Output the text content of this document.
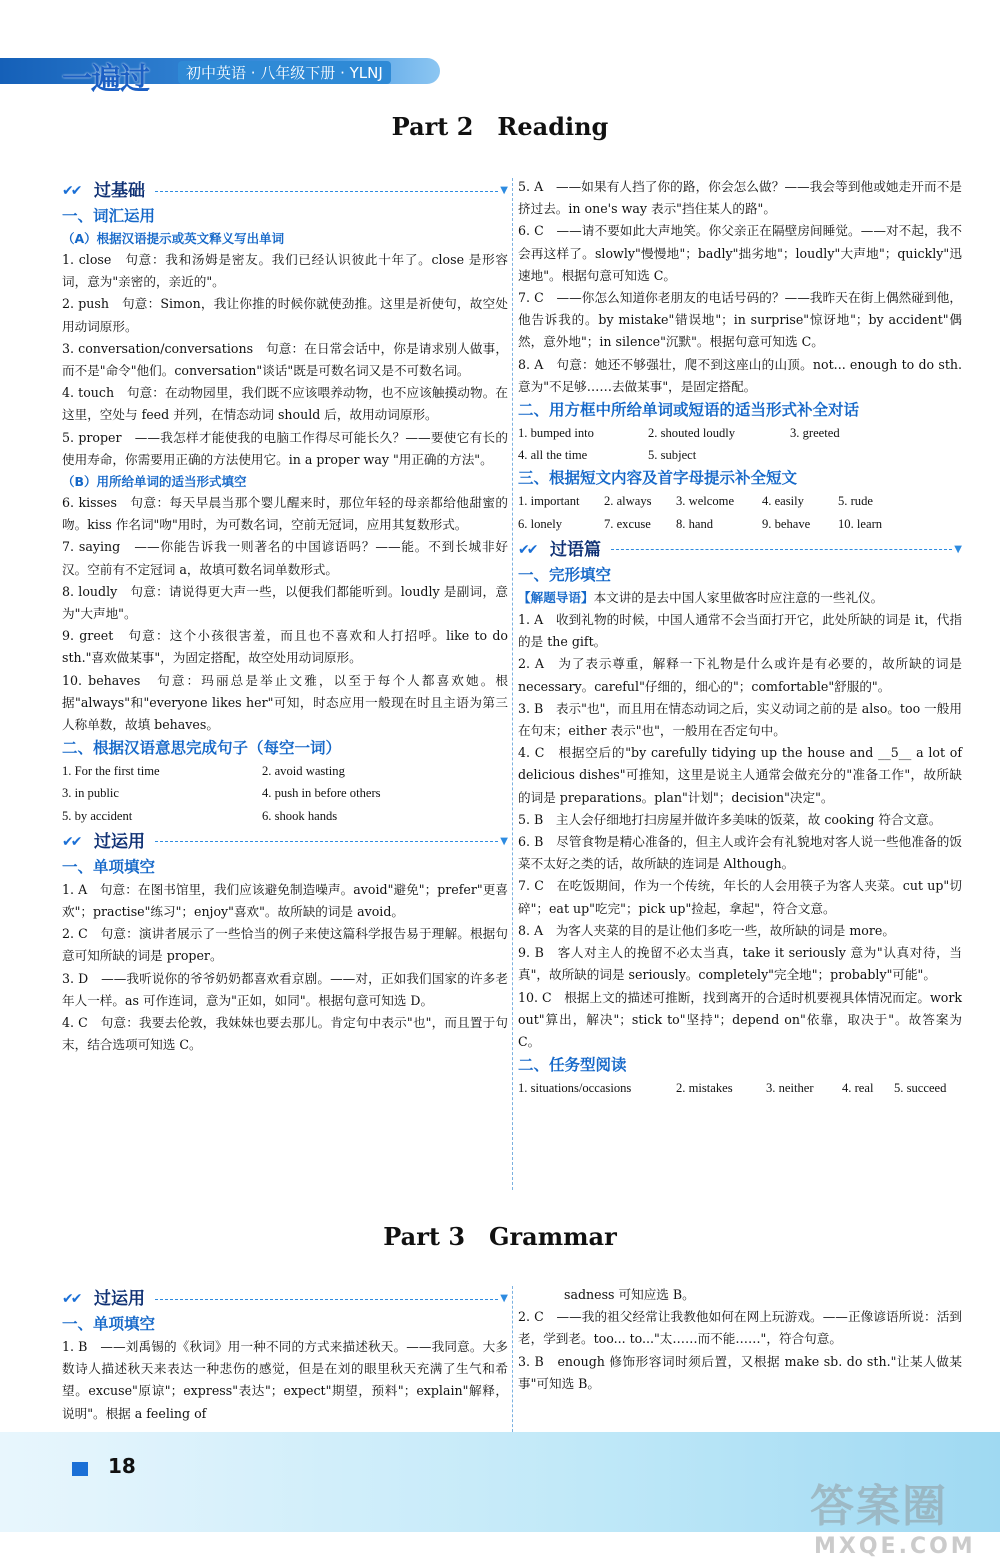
一遍过	初中英语 · 八年级下册 · YLNJ
Part 2 Reading
✔✔ 过基础	▼
一、词汇运用
（A）根据汉语提示或英文释义写出单词

1. close　句意：我和汤姆是密友。我们已经认识彼此十年了。close 是形容词，意为"亲密的，亲近的"。

2. push　句意：Simon，我让你推的时候你就使劲推。这里是祈使句，故空处用动词原形。

3. conversation/conversations　句意：在日常会话中，你是请求别人做事，而不是"命令"他们。conversation"谈话"既是可数名词又是不可数名词。

4. touch　句意：在动物园里，我们既不应该喂养动物，也不应该触摸动物。在这里，空处与 feed 并列，在情态动词 should 后，故用动词原形。

5. proper　——我怎样才能使我的电脑工作得尽可能长久？——要使它有长的使用寿命，你需要用正确的方法使用它。in a proper way "用正确的方法"。

（B）用所给单词的适当形式填空

6. kisses　句意：每天早晨当那个婴儿醒来时，那位年轻的母亲都给他甜蜜的吻。kiss 作名词"吻"用时，为可数名词，空前无冠词，应用其复数形式。

7. saying　——你能告诉我一则著名的中国谚语吗？——能。不到长城非好汉。空前有不定冠词 a，故填可数名词单数形式。

8. loudly　句意：请说得更大声一些，以便我们都能听到。loudly 是副词，意为"大声地"。

9. greet　句意：这个小孩很害羞，而且也不喜欢和人打招呼。like to do sth."喜欢做某事"，为固定搭配，故空处用动词原形。

10. behaves　句意：玛丽总是举止文雅，以至于每个人都喜欢她。根据"always"和"everyone likes her"可知，时态应用一般现在时且主语为第三人称单数，故填 behaves。

二、根据汉语意思完成句子（每空一词）
1. For the first time	2. avoid wasting
3. in public	4. push in before others
5. by accident	6. shook hands
✔✔ 过运用	▼
一、单项填空

1. A　句意：在图书馆里，我们应该避免制造噪声。avoid"避免"；prefer"更喜欢"；practise"练习"；enjoy"喜欢"。故所缺的词是 avoid。

2. C　句意：演讲者展示了一些恰当的例子来使这篇科学报告易于理解。根据句意可知所缺的词是 proper。

3. D　——我听说你的爷爷奶奶都喜欢看京剧。——对，正如我们国家的许多老年人一样。as 可作连词，意为"正如，如同"。根据句意可知选 D。

4. C　句意：我要去伦敦，我妹妹也要去那儿。肯定句中表示"也"，而且置于句末，结合选项可知选 C。

5. A　——如果有人挡了你的路，你会怎么做？——我会等到他或她走开而不是挤过去。in one's way 表示"挡住某人的路"。

6. C　——请不要如此大声地笑。你父亲正在隔壁房间睡觉。——对不起，我不会再这样了。slowly"慢慢地"；badly"拙劣地"；loudly"大声地"；quickly"迅速地"。根据句意可知选 C。

7. C　——你怎么知道你老朋友的电话号码的？——我昨天在街上偶然碰到他，他告诉我的。by mistake"错误地"；in surprise"惊讶地"；by accident"偶然，意外地"；in silence"沉默"。根据句意可知选 C。

8. A　句意：她还不够强壮，爬不到这座山的山顶。not... enough to do sth. 意为"不足够……去做某事"，是固定搭配。

二、用方框中所给单词或短语的适当形式补全对话
1. bumped into	2. shouted loudly	3. greeted
4. all the time	5. subject
三、根据短文内容及首字母提示补全短文
1. important	2. always	3. welcome	4. easily	5. rude
6. lonely	7. excuse	8. hand	9. behave	10. learn
✔✔ 过语篇	▼
一、完形填空

【解题导语】本文讲的是去中国人家里做客时应注意的一些礼仪。

1. A　收到礼物的时候，中国人通常不会当面打开它，此处所缺的词是 it，代指的是 the gift。

2. A　为了表示尊重，解释一下礼物是什么或许是有必要的，故所缺的词是 necessary。careful"仔细的，细心的"；comfortable"舒服的"。

3. B　表示"也"，而且用在情态动词之后，实义动词之前的是 also。too 一般用在句末；either 表示"也"，一般用在否定句中。

4. C　根据空后的"by carefully tidying up the house and __5__ a lot of delicious dishes"可推知，这里是说主人通常会做充分的"准备工作"，故所缺的词是 preparations。plan"计划"；decision"决定"。

5. B　主人会仔细地打扫房屋并做许多美味的饭菜，故 cooking 符合文意。

6. B　尽管食物是精心准备的，但主人或许会有礼貌地对客人说一些他准备的饭菜不太好之类的话，故所缺的连词是 Although。

7. C　在吃饭期间，作为一个传统，年长的人会用筷子为客人夹菜。cut up"切碎"；eat up"吃完"；pick up"捡起，拿起"，符合文意。

8. A　为客人夹菜的目的是让他们多吃一些，故所缺的词是 more。

9. B　客人对主人的挽留不必太当真，take it seriously 意为"认真对待，当真"，故所缺的词是 seriously。completely"完全地"；probably"可能"。

10. C　根据上文的描述可推断，找到离开的合适时机要视具体情况而定。work out"算出，解决"；stick to"坚持"；depend on"依靠，取决于"。故答案为 C。

二、任务型阅读
1. situations/occasions	2. mistakes	3. neither	4. real	5. succeed
Part 3 Grammar
✔✔ 过运用	▼
一、单项填空

1. B　——刘禹锡的《秋词》用一种不同的方式来描述秋天。——我同意。大多数诗人描述秋天来表达一种悲伤的感觉，但是在刘的眼里秋天充满了生气和希望。excuse"原谅"；express"表达"；expect"期望，预料"；explain"解释，说明"。根据 a feeling of

sadness 可知应选 B。

2. C　——我的祖父经常让我教他如何在网上玩游戏。——正像谚语所说：活到老，学到老。too... to..."太……而不能……"，符合句意。

3. B　enough 修饰形容词时须后置，又根据 make sb. do sth."让某人做某事"可知选 B。

18
答案圈
MXQE.COM
